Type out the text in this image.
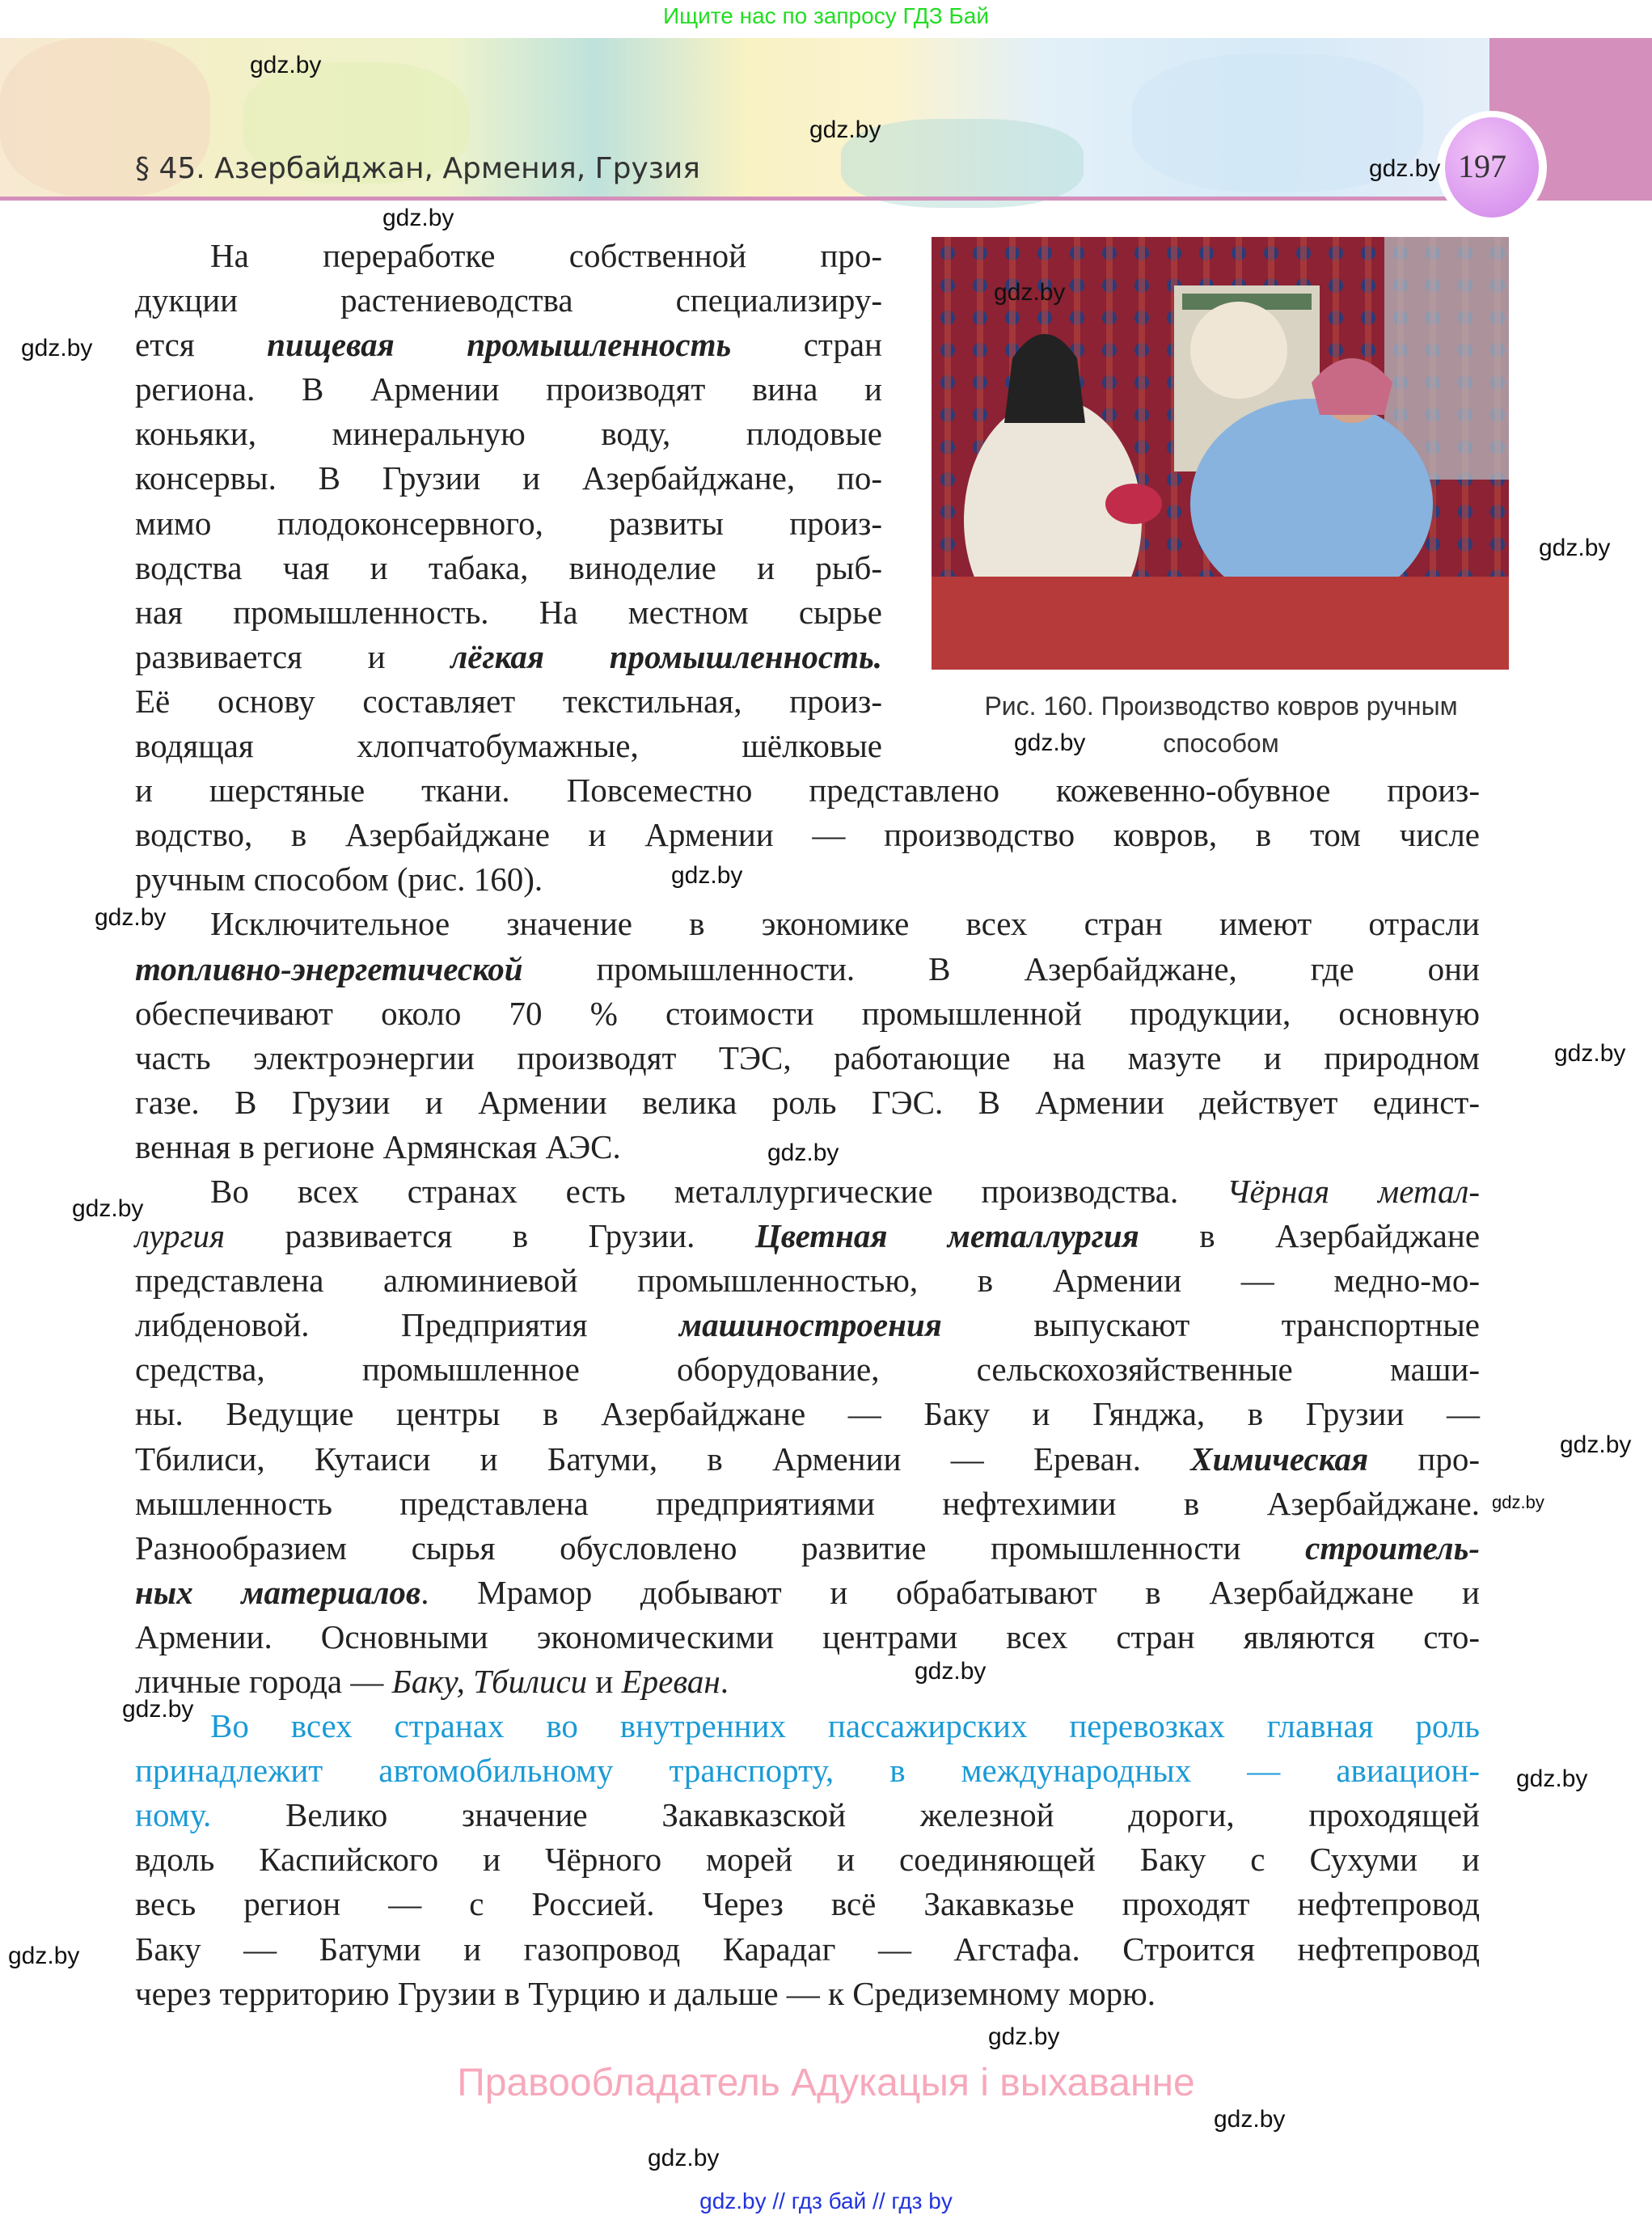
Ищите нас по запросу ГДЗ Бай
197
§ 45. Азербайджан, Армения, Грузия
На переработке собственной про-
дукции растениеводства специализиру-
ется пищевая промышленность стран
региона. В Армении производят вина и
коньяки, минеральную воду, плодовые
консервы. В Грузии и Азербайджане, по-
мимо плодоконсервного, развиты произ-
водства чая и табака, виноделие и рыб-
ная промышленность. На местном сырье
развивается и лёгкая промышленность.
Её основу составляет текстильная, произ-
водящая хлопчатобумажные, шёлковые
и шерстяные ткани. Повсеместно представлено кожевенно-обувное произ-
водство, в Азербайджане и Армении — производство ковров, в том числе
ручным способом (рис. 160).
Исключительное значение в экономике всех стран имеют отрасли
топливно-энергетической промышленности. В Азербайджане, где они
обеспечивают около 70 % стоимости промышленной продукции, основную
часть электроэнергии производят ТЭС, работающие на мазуте и природном
газе. В Грузии и Армении велика роль ГЭС. В Армении действует единст-
венная в регионе Армянская АЭС.
Во всех странах есть металлургические производства. Чёрная метал-
лургия развивается в Грузии. Цветная металлургия в Азербайджане
представлена алюминиевой промышленностью, в Армении — медно-мо-
либденовой. Предприятия машиностроения выпускают транспортные
средства, промышленное оборудование, сельскохозяйственные маши-
ны. Ведущие центры в Азербайджане — Баку и Гянджа, в Грузии —
Тбилиси, Кутаиси и Батуми, в Армении — Ереван. Химическая про-
мышленность представлена предприятиями нефтехимии в Азербайджане.
Разнообразием сырья обусловлено развитие промышленности строитель-
ных материалов. Мрамор добывают и обрабатывают в Азербайджане и
Армении. Основными экономическими центрами всех стран являются сто-
личные города — Баку, Тбилиси и Ереван.
Во всех странах во внутренних пассажирских перевозках главная роль
принадлежит автомобильному транспорту, в международных — авиацион-
ному. Велико значение Закавказской железной дороги, проходящей
вдоль Каспийского и Чёрного морей и соединяющей Баку с Сухуми и
весь регион — с Россией. Через всё Закавказье проходят нефтепровод
Баку — Батуми и газопровод Карадаг — Агстафа. Строится нефтепровод
через территорию Грузии в Турцию и дальше — к Средиземному морю.
Рис. 160. Производство ковров ручным
способом
gdz.by
gdz.by
gdz.by
gdz.by
gdz.by
gdz.by
gdz.by
gdz.by
gdz.by
gdz.by
gdz.by
gdz.by
gdz.by
gdz.by
gdz.by
gdz.by
gdz.by
gdz.by
gdz.by
gdz.by
gdz.by
gdz.by
Правообладатель Адукацыя і выхаванне
gdz.by // гдз бай // гдз by
